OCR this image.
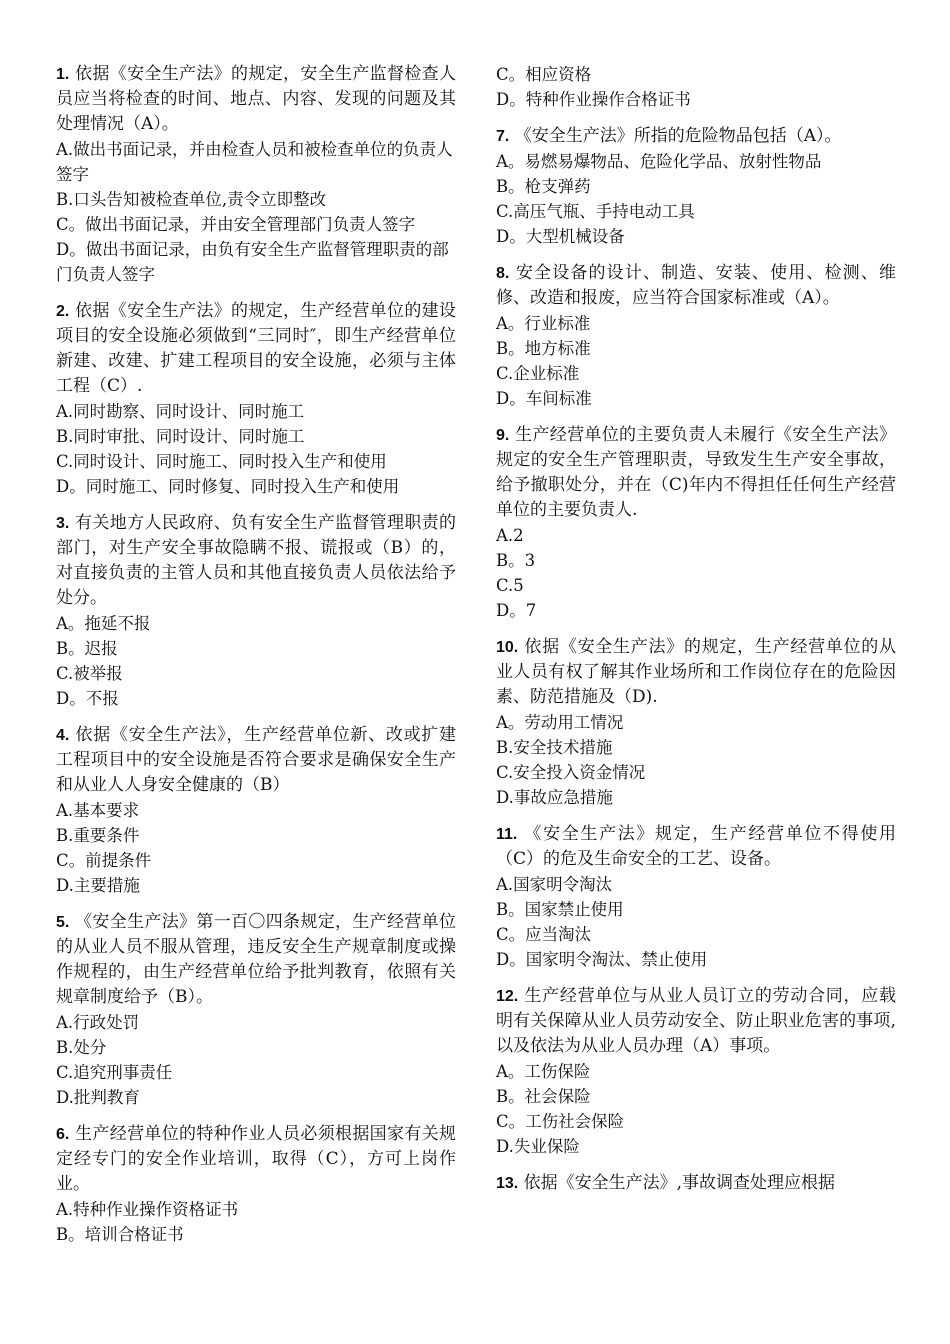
1. 依据《安全生产法》的规定，安全生产监督检查人员应当将检查的时间、地点、内容、发现的问题及其处理情况（A）。

A.做出书面记录，并由检查人员和被检查单位的负责人签字

B.口头告知被检查单位,责令立即整改

C。做出书面记录，并由安全管理部门负责人签字

D。做出书面记录，由负有安全生产监督管理职责的部门负责人签字

2. 依据《安全生产法》的规定，生产经营单位的建设项目的安全设施必须做到“三同时″，即生产经营单位新建、改建、扩建工程项目的安全设施，必须与主体工程（C）.

A.同时勘察、同时设计、同时施工

B.同时审批、同时设计、同时施工

C.同时设计、同时施工、同时投入生产和使用

D。同时施工、同时修复、同时投入生产和使用

3. 有关地方人民政府、负有安全生产监督管理职责的部门，对生产安全事故隐瞒不报、谎报或（B）的，对直接负责的主管人员和其他直接负责人员依法给予处分。

A。拖延不报

B。迟报

C.被举报

D。不报

4. 依据《安全生产法》，生产经营单位新、改或扩建工程项目中的安全设施是否符合要求是确保安全生产和从业人人身安全健康的（B）

A.基本要求

B.重要条件

C。前提条件

D.主要措施

5. 《安全生产法》第一百〇四条规定，生产经营单位的从业人员不服从管理，违反安全生产规章制度或操作规程的，由生产经营单位给予批判教育，依照有关规章制度给予（B）。

A.行政处罚

B.处分

C.追究刑事责任

D.批判教育

6. 生产经营单位的特种作业人员必须根据国家有关规定经专门的安全作业培训，取得（C），方可上岗作业。

A.特种作业操作资格证书

B。培训合格证书

C。相应资格

D。特种作业操作合格证书

7. 《安全生产法》所指的危险物品包括（A）。

A。易燃易爆物品、危险化学品、放射性物品

B。枪支弹药

C.高压气瓶、手持电动工具

D。大型机械设备

8. 安全设备的设计、制造、安装、使用、检测、维修、改造和报废，应当符合国家标准或（A）。

A。行业标准

B。地方标准

C.企业标准

D。车间标准

9. 生产经营单位的主要负责人未履行《安全生产法》规定的安全生产管理职责，导致发生生产安全事故，给予撤职处分，并在（C)年内不得担任任何生产经营单位的主要负责人.

A.2

B。3

C.5

D。7

10. 依据《安全生产法》的规定，生产经营单位的从业人员有权了解其作业场所和工作岗位存在的危险因素、防范措施及（D).

A。劳动用工情况

B.安全技术措施

C.安全投入资金情况

D.事故应急措施

11. 《安全生产法》规定，生产经营单位不得使用（C）的危及生命安全的工艺、设备。

A.国家明令淘汰

B。国家禁止使用

C。应当淘汰

D。国家明令淘汰、禁止使用

12. 生产经营单位与从业人员订立的劳动合同，应载明有关保障从业人员劳动安全、防止职业危害的事项,以及依法为从业人员办理（A）事项。

A。工伤保险

B。社会保险

C。工伤社会保险

D.失业保险

13. 依据《安全生产法》,事故调查处理应根据
